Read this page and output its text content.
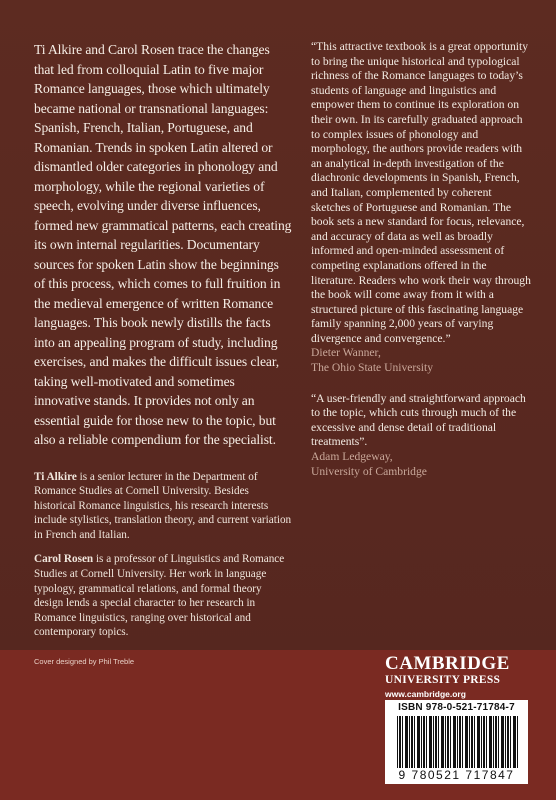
Ti Alkire and Carol Rosen trace the changes that led from colloquial Latin to five major Romance languages, those which ultimately became national or transnational languages: Spanish, French, Italian, Portuguese, and Romanian. Trends in spoken Latin altered or dismantled older categories in phonology and morphology, while the regional varieties of speech, evolving under diverse influences, formed new grammatical patterns, each creating its own internal regularities. Documentary sources for spoken Latin show the beginnings of this process, which comes to full fruition in the medieval emergence of written Romance languages. This book newly distills the facts into an appealing program of study, including exercises, and makes the difficult issues clear, taking well-motivated and sometimes innovative stands. It provides not only an essential guide for those new to the topic, but also a reliable compendium for the specialist.

Ti Alkire is a senior lecturer in the Department of Romance Studies at Cornell University. Besides historical Romance linguistics, his research interests include stylistics, translation theory, and current variation in French and Italian.

Carol Rosen is a professor of Linguistics and Romance Studies at Cornell University. Her work in language typology, grammatical relations, and formal theory design lends a special character to her research in Romance linguistics, ranging over historical and contemporary topics.

“This attractive textbook is a great opportunity to bring the unique historical and typological richness of the Romance languages to today’s students of language and linguistics and empower them to continue its exploration on their own. In its carefully graduated approach to complex issues of phonology and morphology, the authors provide readers with an analytical in-depth investigation of the diachronic developments in Spanish, French, and Italian, complemented by coherent sketches of Portuguese and Romanian. The book sets a new standard for focus, relevance, and accuracy of data as well as broadly informed and open-minded assessment of competing explanations offered in the literature. Readers who work their way through the book will come away from it with a structured picture of this fascinating language family spanning 2,000 years of varying divergence and convergence.”

Dieter Wanner,

The Ohio State University

“A user-friendly and straightforward approach to the topic, which cuts through much of the excessive and dense detail of traditional treatments”.

Adam Ledgeway,

University of Cambridge

Cover designed by Phil Treble	CAMBRIDGE
UNIVERSITY PRESS
www.cambridge.org
ISBN 978-0-521-71784-7
9 780521 717847
